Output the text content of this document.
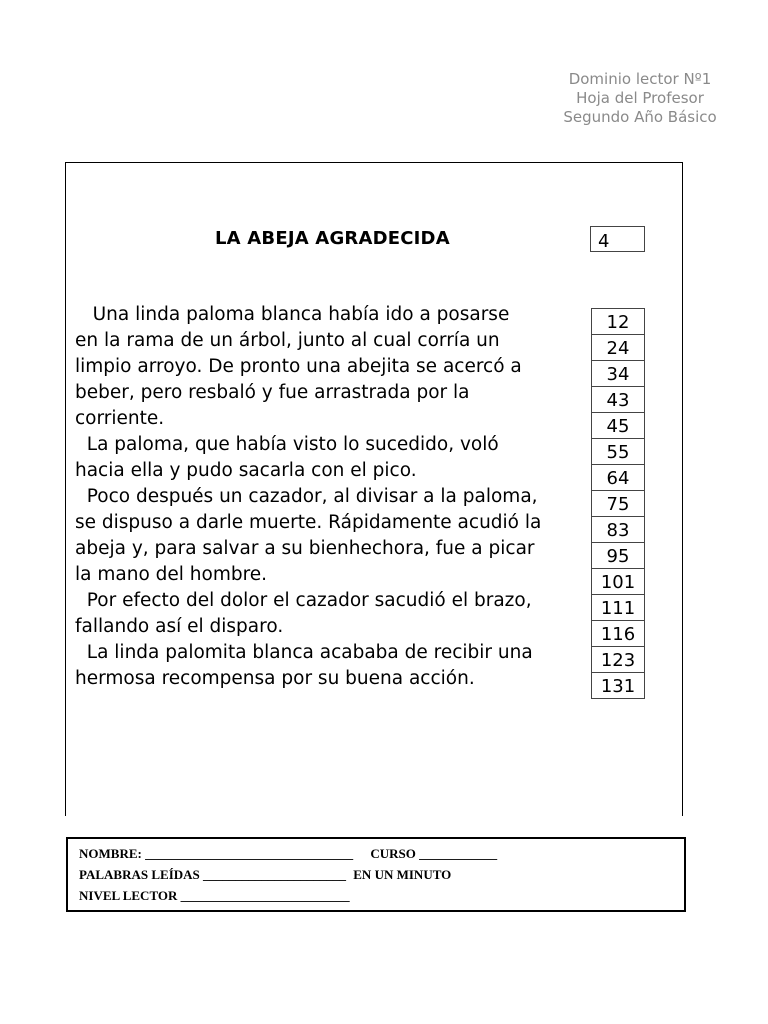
Dominio lector Nº1
Hoja del Profesor
Segundo Año Básico
LA ABEJA AGRADECIDA	4
Una linda paloma blanca había ido a posarse
en la rama de un árbol, junto al cual corría un
limpio arroyo. De pronto una abejita se acercó a
beber, pero resbaló y fue arrastrada por la
corriente.
La paloma, que había visto lo sucedido, voló
hacia ella y pudo sacarla con el pico.
Poco después un cazador, al divisar a la paloma,
se dispuso a darle muerte. Rápidamente acudió la
abeja y, para salvar a su bienhechora, fue a picar
la mano del hombre.
Por efecto del dolor el cazador sacudió el brazo,
fallando así el disparo.
La linda palomita blanca acababa de recibir una
hermosa recompensa por su buena acción.
12
24
34
43
45
55
64
75
83
95
101
111
116
123
131
NOMBRE: ________________________________ CURSO ____________
PALABRAS LEÍDAS ______________________ EN UN MINUTO
NIVEL LECTOR __________________________
